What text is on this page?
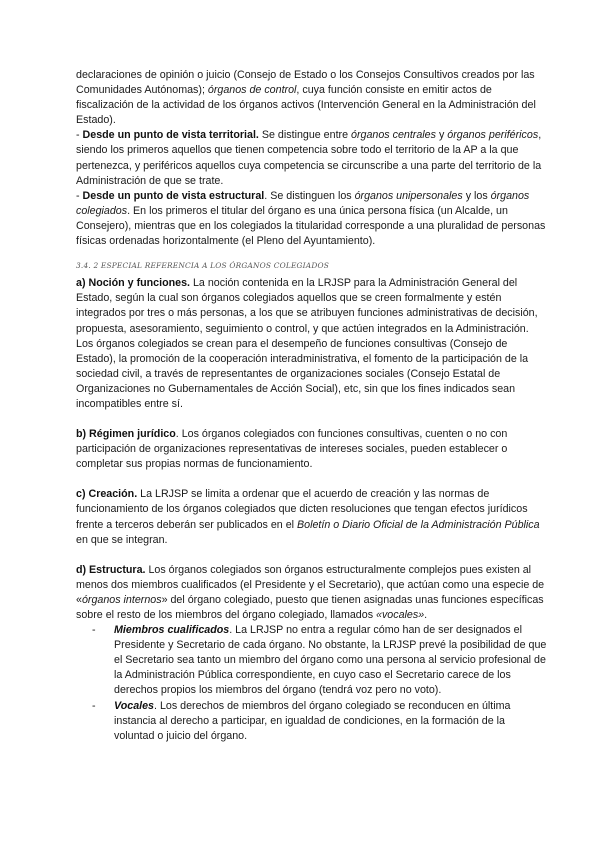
declaraciones de opinión o juicio (Consejo de Estado o los Consejos Consultivos creados por las Comunidades Autónomas); órganos de control, cuya función consiste en emitir actos de fiscalización de la actividad de los órganos activos (Intervención General en la Administración del Estado).

- Desde un punto de vista territorial. Se distingue entre órganos centrales y órganos periféricos, siendo los primeros aquellos que tienen competencia sobre todo el territorio de la AP a la que pertenezca, y periféricos aquellos cuya competencia se circunscribe a una parte del territorio de la Administración de que se trate.

- Desde un punto de vista estructural. Se distinguen los órganos unipersonales y los órganos colegiados. En los primeros el titular del órgano es una única persona física (un Alcalde, un Consejero), mientras que en los colegiados la titularidad corresponde a una pluralidad de personas físicas ordenadas horizontalmente (el Pleno del Ayuntamiento).

3.4. 2 ESPECIAL REFERENCIA A LOS ÓRGANOS COLEGIADOS

a) Noción y funciones. La noción contenida en la LRJSP para la Administración General del Estado, según la cual son órganos colegiados aquellos que se creen formalmente y estén integrados por tres o más personas, a los que se atribuyen funciones administrativas de decisión, propuesta, asesoramiento, seguimiento o control, y que actúen integrados en la Administración. Los órganos colegiados se crean para el desempeño de funciones consultivas (Consejo de Estado), la promoción de la cooperación interadministrativa, el fomento de la participación de la sociedad civil, a través de representantes de organizaciones sociales (Consejo Estatal de Organizaciones no Gubernamentales de Acción Social), etc, sin que los fines indicados sean incompatibles entre sí.

b) Régimen jurídico. Los órganos colegiados con funciones consultivas, cuenten o no con participación de organizaciones representativas de intereses sociales, pueden establecer o completar sus propias normas de funcionamiento.

c) Creación. La LRJSP se limita a ordenar que el acuerdo de creación y las normas de funcionamiento de los órganos colegiados que dicten resoluciones que tengan efectos jurídicos frente a terceros deberán ser publicados en el Boletín o Diario Oficial de la Administración Pública en que se integran.

d) Estructura. Los órganos colegiados son órganos estructuralmente complejos pues existen al menos dos miembros cualificados (el Presidente y el Secretario), que actúan como una especie de «órganos internos» del órgano colegiado, puesto que tienen asignadas unas funciones específicas sobre el resto de los miembros del órgano colegiado, llamados «vocales».

- Miembros cualificados. La LRJSP no entra a regular cómo han de ser designados el Presidente y Secretario de cada órgano. No obstante, la LRJSP prevé la posibilidad de que el Secretario sea tanto un miembro del órgano como una persona al servicio profesional de la Administración Pública correspondiente, en cuyo caso el Secretario carece de los derechos propios los miembros del órgano (tendrá voz pero no voto).
- Vocales. Los derechos de miembros del órgano colegiado se reconducen en última instancia al derecho a participar, en igualdad de condiciones, en la formación de la voluntad o juicio del órgano.
